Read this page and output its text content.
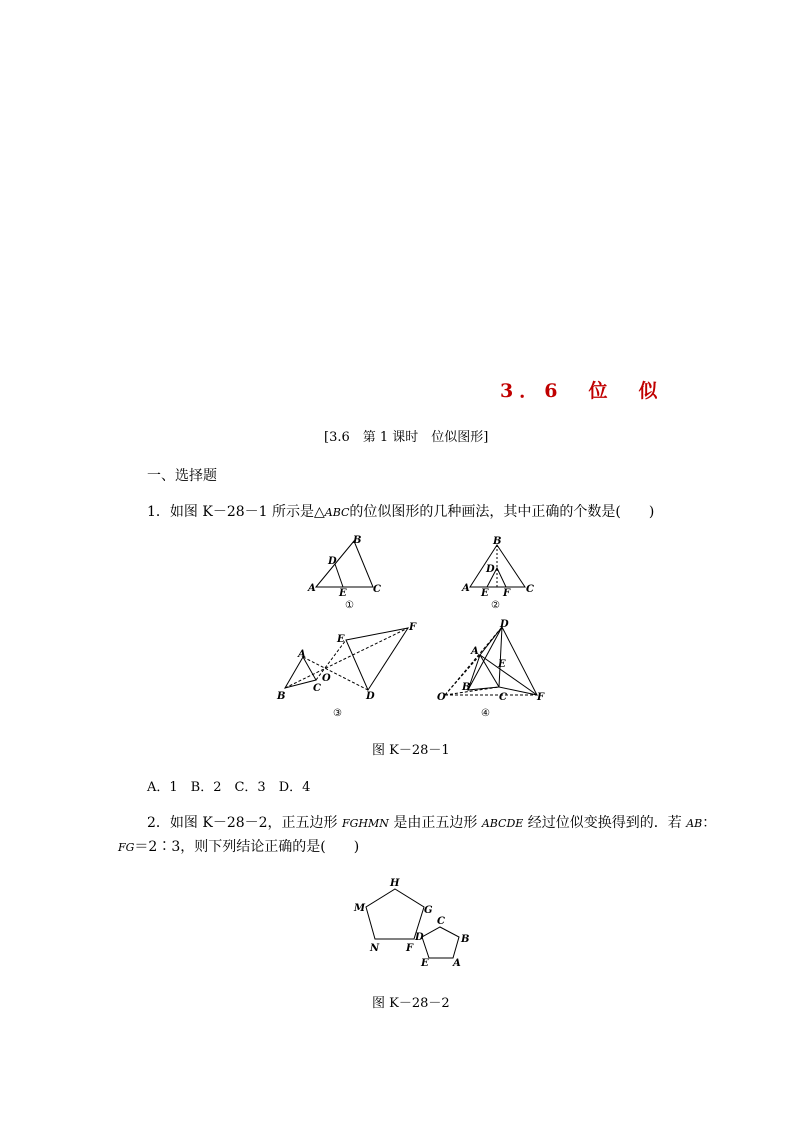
3．6　位　似
[3.6　第 1 课时　位似图形]
一、选择题
1．如图 K－28－1 所示是△ABC的位似图形的几种画法，其中正确的个数是(　　)
A
B
C
D
E
①
A
B
C
D
E F
②
A
B
C
O
D
E
F
③
A
B
C
O
D
E
F
④
图 K－28－1
A．1　B．2　C．3　D．4
2．如图 K－28－2，正五边形 FGHMN 是由正五边形 ABCDE 经过位似变换得到的．若 AB：
FG＝2∶3，则下列结论正确的是(　　)
H
M	G
N	F
C
D	B
E A
图 K－28－2
